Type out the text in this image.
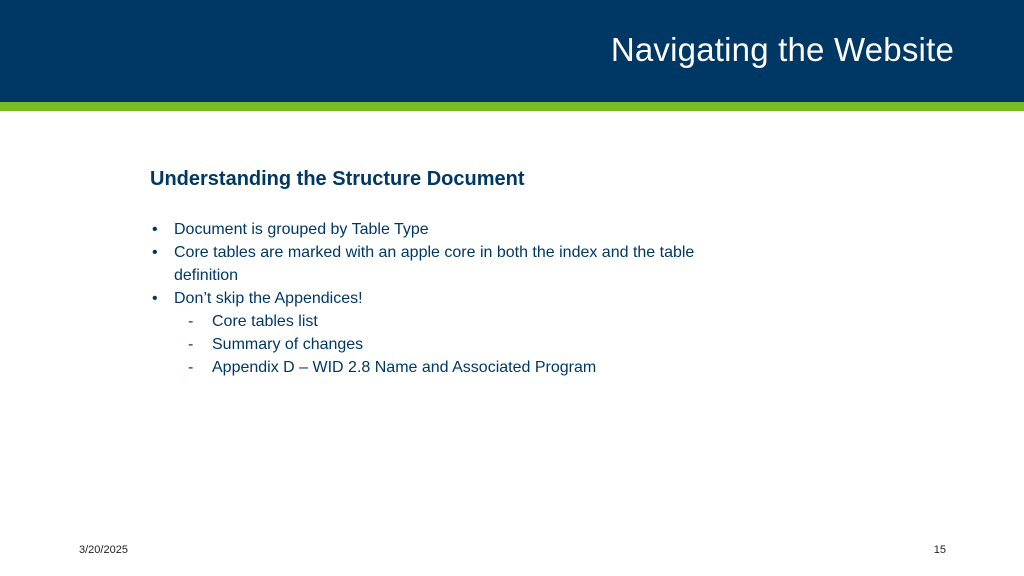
Navigating the Website
Understanding the Structure Document
• Document is grouped by Table Type
• Core tables are marked with an apple core in both the index and the table definition
• Don’t skip the Appendices!
- Core tables list
- Summary of changes
- Appendix D – WID 2.8 Name and Associated Program
3/20/2025	15
